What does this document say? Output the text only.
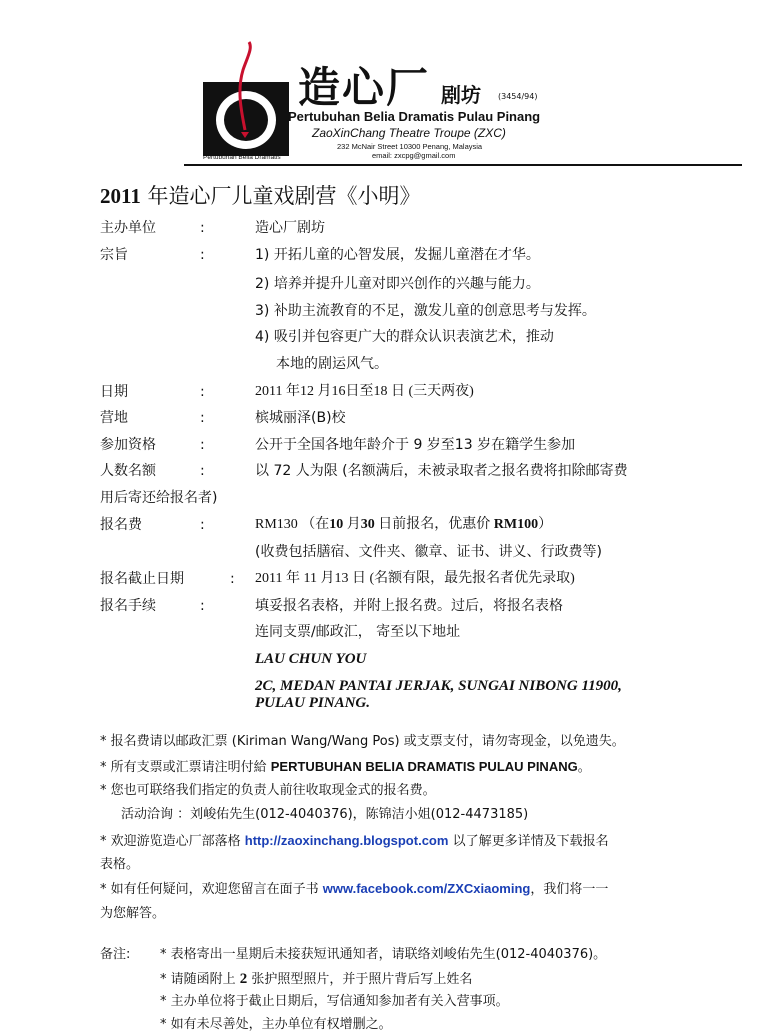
造心厂 剧坊 (3454/94)
Pertubuhan Belia Dramatis Pulau Pinang
ZaoXinChang Theatre Troupe (ZXC)
232 McNair Street 10300 Penang, Malaysia
email: zxcpg@gmail.com
Pertubuhan Belia Dramatis
2011 年造心厂儿童戏剧营《小明》
主办单位	:	造心厂剧坊
宗旨	:	1) 开拓儿童的心智发展，发掘儿童潜在才华。
2) 培养并提升儿童对即兴创作的兴趣与能力。
3) 补助主流教育的不足，激发儿童的创意思考与发挥。
4) 吸引并包容更广大的群众认识表演艺术，推动
本地的剧运风气。
日期	:	2011 年12 月16日至18 日 (三天两夜)
营地	:	槟城丽泽(B)校
参加资格	:	公开于全国各地年龄介于 9 岁至13 岁在籍学生参加
人数名额	:	以 72 人为限 (名额满后，未被录取者之报名费将扣除邮寄费
用后寄还给报名者)
报名费	:	RM130 （在10 月30 日前报名，优惠价 RM100）
(收费包括膳宿、文件夹、徽章、证书、讲义、行政费等)
报名截止日期	: 2011 年 11 月13 日 (名额有限，最先报名者优先录取)
报名手续	:	填妥报名表格，并附上报名费。过后，将报名表格
连同支票/邮政汇， 寄至以下地址
LAU CHUN YOU
2C, MEDAN PANTAI JERJAK, SUNGAI NIBONG 11900,
PULAU PINANG.
* 报名费请以邮政汇票 (Kiriman Wang/Wang Pos) 或支票支付，请勿寄现金，以免遗失。
* 所有支票或汇票请注明付給 PERTUBUHAN BELIA DRAMATIS PULAU PINANG。
* 您也可联络我们指定的负责人前往收取现金式的报名费。
活动洽询 ：刘峻佑先生(012-4040376)，陈锦洁小姐(012-4473185)
* 欢迎游览造心厂部落格 http://zaoxinchang.blogspot.com 以了解更多详情及下载报名
表格。
* 如有任何疑问，欢迎您留言在面子书 www.facebook.com/ZXCxiaoming，我们将一一
为您解答。
备注: * 表格寄出一星期后未接获短讯通知者，请联络刘峻佑先生(012-4040376)。
* 请随函附上 2 张护照型照片，并于照片背后写上姓名
* 主办单位将于截止日期后，写信通知参加者有关入营事项。
* 如有未尽善处，主办单位有权增删之。
